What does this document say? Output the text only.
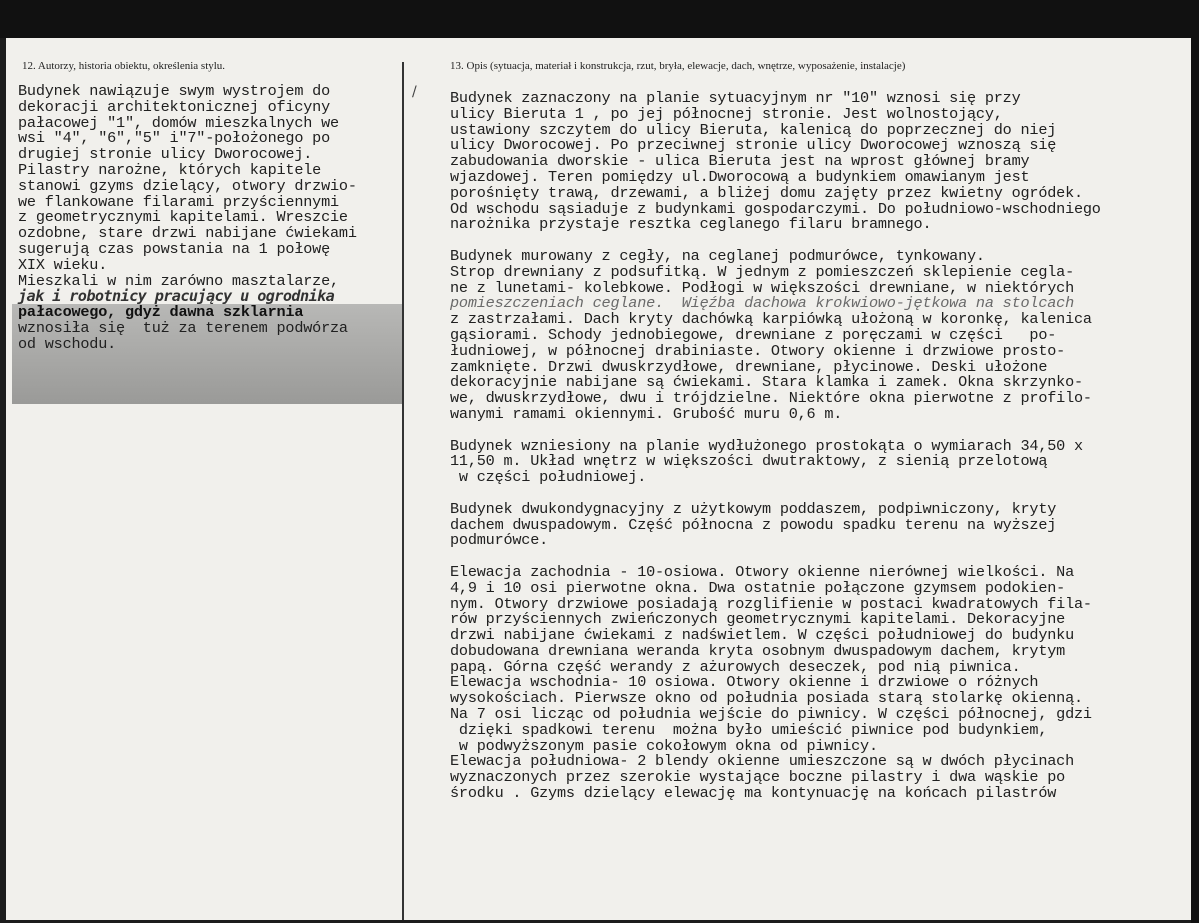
12. Autorzy, historia obiektu, określenia stylu.	13. Opis (sytuacja, materiał i konstrukcja, rzut, bryła, elewacje, dach, wnętrze, wyposażenie, instalacje)
/
Budynek nawiązuje swym wystrojem do
dekoracji architektonicznej oficyny
pałacowej "1", domów mieszkalnych we
wsi "4", "6","5" i"7"-położonego po
drugiej stronie ulicy Dworocowej.
Pilastry narożne, których kapitele
stanowi gzyms dzielący, otwory drzwio-
we flankowane filarami przyściennymi
z geometrycznymi kapitelami. Wreszcie
ozdobne, stare drzwi nabijane ćwiekami
sugerują czas powstania na 1 połowę
XIX wieku.
Mieszkali w nim zarówno masztalarze,
jak i robotnicy pracujący u ogrodnika
pałacowego, gdyż dawna szklarnia
wznosiła się  tuż za terenem podwórza
od wschodu.
Budynek zaznaczony na planie sytuacyjnym nr "10" wznosi się przy
ulicy Bieruta 1 , po jej północnej stronie. Jest wolnostojący,
ustawiony szczytem do ulicy Bieruta, kalenicą do poprzecznej do niej
ulicy Dworocowej. Po przeciwnej stronie ulicy Dworocowej wznoszą się
zabudowania dworskie - ulica Bieruta jest na wprost głównej bramy
wjazdowej. Teren pomiędzy ul.Dworocową a budynkiem omawianym jest
porośnięty trawą, drzewami, a bliżej domu zajęty przez kwietny ogródek.
Od wschodu sąsiaduje z budynkami gospodarczymi. Do południowo-wschodniego
narożnika przystaje resztka ceglanego filaru bramnego.

Budynek murowany z cegły, na ceglanej podmurówce, tynkowany.
Strop drewniany z podsufitką. W jednym z pomieszczeń sklepienie cegla-
ne z lunetami- kolebkowe. Podłogi w większości drewniane, w niektórych
pomieszczeniach ceglane.  Więźba dachowa krokwiowo-jętkowa na stolcach
z zastrzałami. Dach kryty dachówką karpiówką ułożoną w koronkę, kalenica
gąsiorami. Schody jednobiegowe, drewniane z poręczami w części   po-
łudniowej, w północnej drabiniaste. Otwory okienne i drzwiowe prosto-
zamknięte. Drzwi dwuskrzydłowe, drewniane, płycinowe. Deski ułożone
dekoracyjnie nabijane są ćwiekami. Stara klamka i zamek. Okna skrzynko-
we, dwuskrzydłowe, dwu i trójdzielne. Niektóre okna pierwotne z profilo-
wanymi ramami okiennymi. Grubość muru 0,6 m.

Budynek wzniesiony na planie wydłużonego prostokąta o wymiarach 34,50 x
11,50 m. Układ wnętrz w większości dwutraktowy, z sienią przelotową
w części południowej.

Budynek dwukondygnacyjny z użytkowym poddaszem, podpiwniczony, kryty
dachem dwuspadowym. Część północna z powodu spadku terenu na wyższej
podmurówce.

Elewacja zachodnia - 10-osiowa. Otwory okienne nierównej wielkości. Na
4,9 i 10 osi pierwotne okna. Dwa ostatnie połączone gzymsem podokien-
nym. Otwory drzwiowe posiadają rozglifienie w postaci kwadratowych fila-
rów przyściennych zwieńczonych geometrycznymi kapitelami. Dekoracyjne
drzwi nabijane ćwiekami z nadświetlem. W części południowej do budynku
dobudowana drewniana weranda kryta osobnym dwuspadowym dachem, krytym
papą. Górna część werandy z ażurowych deseczek, pod nią piwnica.
Elewacja wschodnia- 10 osiowa. Otwory okienne i drzwiowe o różnych
wysokościach. Pierwsze okno od południa posiada starą stolarkę okienną.
Na 7 osi licząc od południa wejście do piwnicy. W części północnej, gdzi
dzięki spadkowi terenu  można było umieścić piwnice pod budynkiem,
w podwyższonym pasie cokołowym okna od piwnicy.
Elewacja południowa- 2 blendy okienne umieszczone są w dwóch płycinach
wyznaczonych przez szerokie wystające boczne pilastry i dwa wąskie po
środku . Gzyms dzielący elewację ma kontynuację na końcach pilastrów
